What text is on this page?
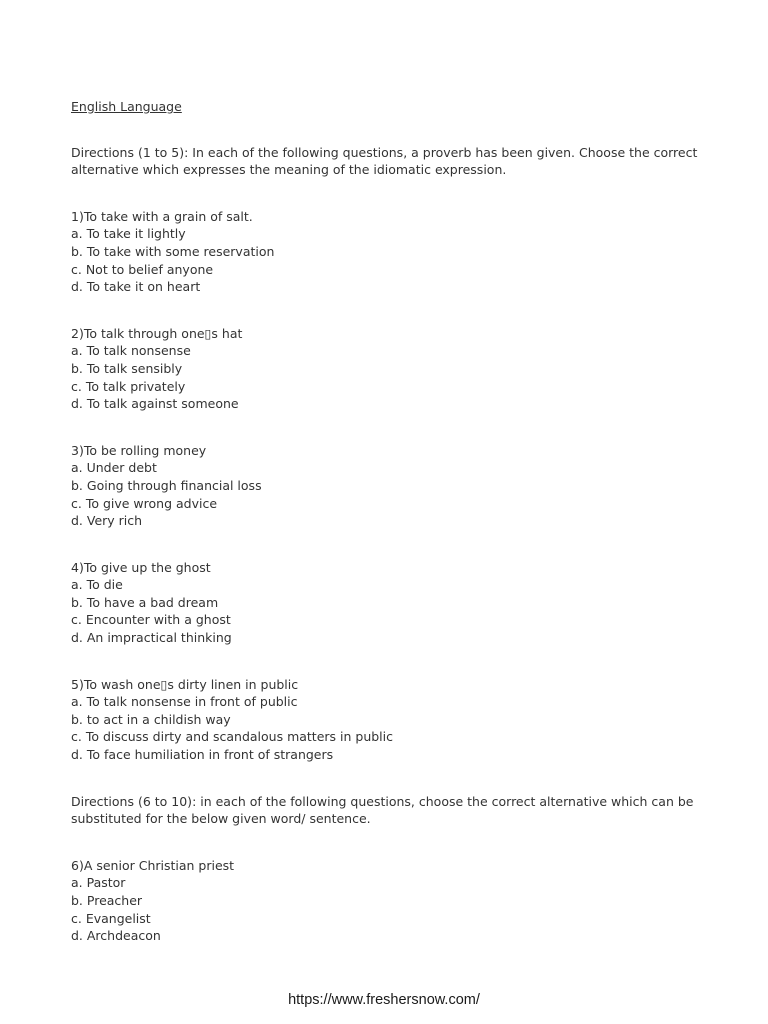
English Language
Directions (1 to 5): In each of the following questions, a proverb has been given. Choose the correct alternative which expresses the meaning of the idiomatic expression.
1)To take with a grain of salt.
a. To take it lightly
b. To take with some reservation
c. Not to belief anyone
d. To take it on heart
2)To talk through one▯s hat
a. To talk nonsense
b. To talk sensibly
c. To talk privately
d. To talk against someone
3)To be rolling money
a. Under debt
b. Going through financial loss
c. To give wrong advice
d. Very rich
4)To give up the ghost
a. To die
b. To have a bad dream
c. Encounter with a ghost
d. An impractical thinking
5)To wash one▯s dirty linen in public
a. To talk nonsense in front of public
b. to act in a childish way
c. To discuss dirty and scandalous matters in public
d. To face humiliation in front of strangers
Directions (6 to 10): in each of the following questions, choose the correct alternative which can be substituted for the below given word/ sentence.
6)A senior Christian priest
a. Pastor
b. Preacher
c. Evangelist
d. Archdeacon
https://www.freshersnow.com/
